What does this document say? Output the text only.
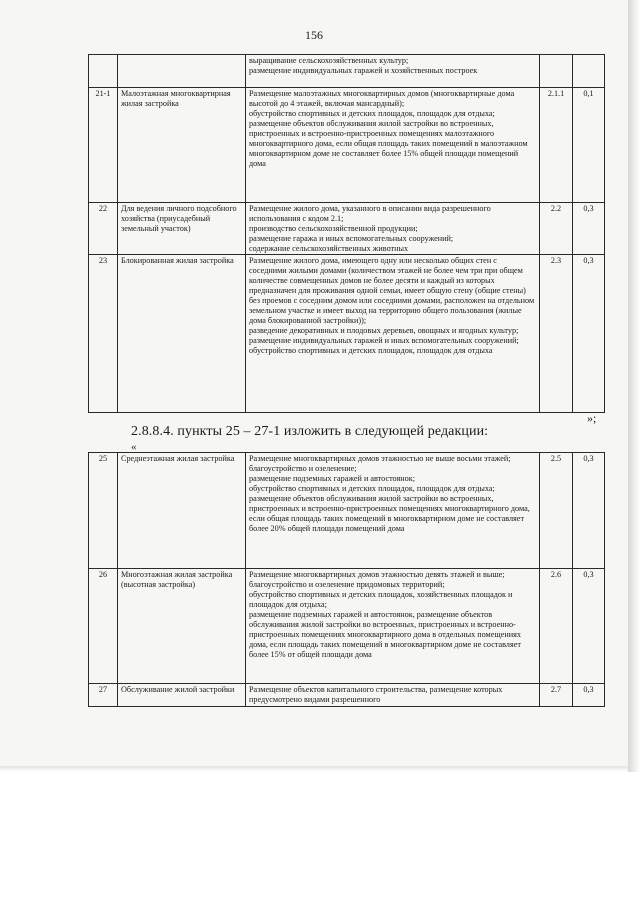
156
		выращивание сельскохозяйственных культур;
размещение индивидуальных гаражей и хозяйственных построек		
21-1	Малоэтажная многоквартирная жилая застройка	Размещение малоэтажных многоквартирных домов (многоквартирные дома высотой до 4 этажей, включая мансардный);
обустройство спортивных и детских площадок, площадок для отдыха;
размещение объектов обслуживания жилой застройки во встроенных, пристроенных и встроенно-пристроенных помещениях малоэтажного многоквартирного дома, если общая площадь таких помещений в малоэтажном многоквартирном доме не составляет более 15% общей площади помещений дома	2.1.1	0,1
22	Для ведения личного подсобного хозяйства (приусадебный земельный участок)	Размещение жилого дома, указанного в описании вида разрешенного использования с кодом 2.1;
производство сельскохозяйственной продукции;
размещение гаража и иных вспомогательных сооружений;
содержание сельскохозяйственных животных	2.2	0,3
23	Блокированная жилая застройка	Размещение жилого дома, имеющего одну или несколько общих стен с соседними жилыми домами (количеством этажей не более чем три при общем количестве совмещенных домов не более десяти и каждый из которых предназначен для проживания одной семьи, имеет общую стену (общие стены) без проемов с соседним домом или соседними домами, расположен на отдельном земельном участке и имеет выход на территорию общего пользования (жилые дома блокированной застройки));
разведение декоративных и плодовых деревьев, овощных и ягодных культур;
размещение индивидуальных гаражей и иных вспомогательных сооружений;
обустройство спортивных и детских площадок, площадок для отдыха	2.3	0,3
»;
2.8.8.4. пункты 25 – 27-1 изложить в следующей редакции:
«
25	Среднеэтажная жилая застройка	Размещение многоквартирных домов этажностью не выше восьми этажей;
благоустройство и озеленение;
размещение подземных гаражей и автостоянок;
обустройство спортивных и детских площадок, площадок для отдыха;
размещение объектов обслуживания жилой застройки во встроенных, пристроенных и встроенно-пристроенных помещениях многоквартирного дома, если общая площадь таких помещений в многоквартирном доме не составляет более 20% общей площади помещений дома	2.5	0,3
26	Многоэтажная жилая застройка (высотная застройка)	Размещение многоквартирных домов этажностью девять этажей и выше;
благоустройство и озеленение придомовых территорий;
обустройство спортивных и детских площадок, хозяйственных площадок и площадок для отдыха;
размещение подземных гаражей и автостоянок, размещение объектов обслуживания жилой застройки во встроенных, пристроенных и встроенно-пристроенных помещениях многоквартирного дома в отдельных помещениях дома, если площадь таких помещений в многоквартирном доме не составляет более 15% от общей площади дома	2.6	0,3
27	Обслуживание жилой застройки	Размещение объектов капитального строительства, размещение которых предусмотрено видами разрешенного	2.7	0,3
